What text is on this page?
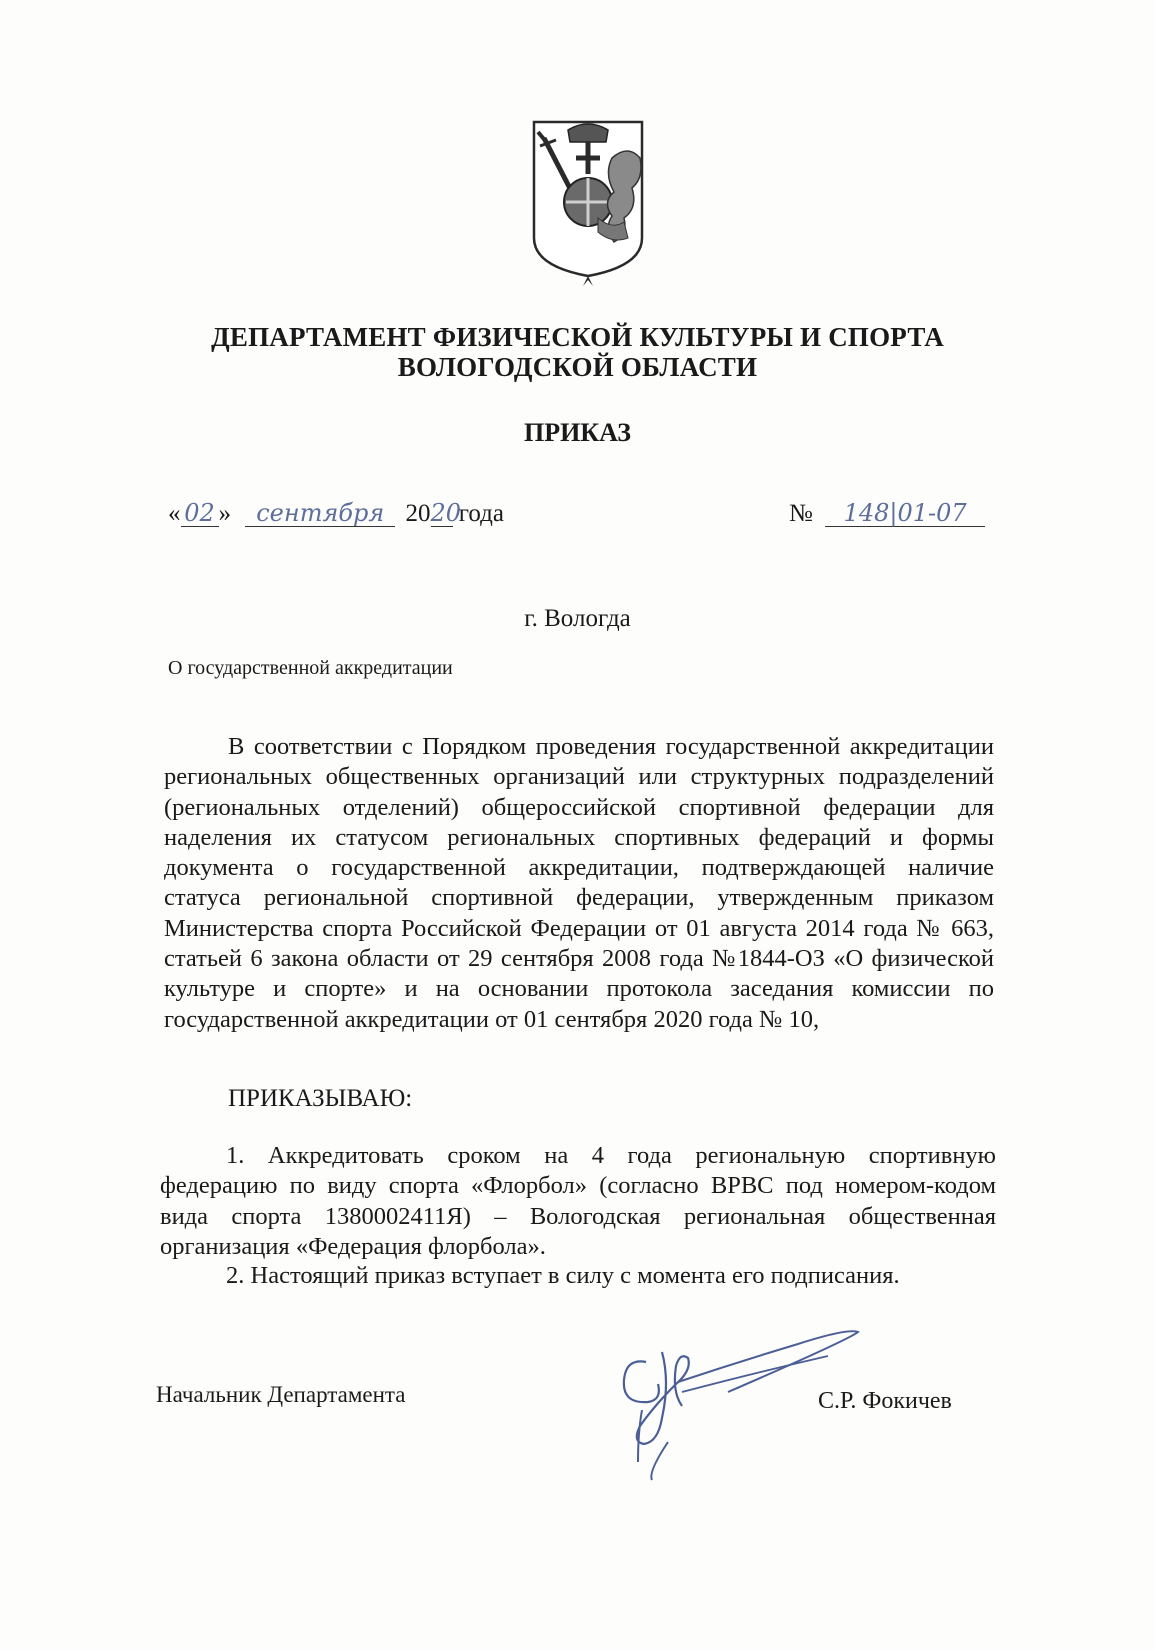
ДЕПАРТАМЕНТ ФИЗИЧЕСКОЙ КУЛЬТУРЫ И СПОРТА
ВОЛОГОДСКОЙ ОБЛАСТИ
ПРИКАЗ
« 02 » сентября 2020 года	№ 148|01-07
г. Вологда
О государственной аккредитации

В соответствии с Порядком проведения государственной аккредитации региональных общественных организаций или структурных подразделений (региональных отделений) общероссийской спортивной федерации для наделения их статусом региональных спортивных федераций и формы документа о государственной аккредитации, подтверждающей наличие статуса региональной спортивной федерации, утвержденным приказом Министерства спорта Российской Федерации от 01 августа 2014 года № 663, статьей 6 закона области от 29 сентября 2008 года №1844-ОЗ «О физической культуре и спорте» и на основании протокола заседания комиссии по государственной аккредитации от 01 сентября 2020 года № 10,

ПРИКАЗЫВАЮ:

1. Аккредитовать сроком на 4 года региональную спортивную федерацию по виду спорта «Флорбол» (согласно ВРВС под номером-кодом вида спорта 1380002411Я) – Вологодская региональная общественная организация «Федерация флорбола».

2. Настоящий приказ вступает в силу с момента его подписания.
Начальник Департамента	С.Р. Фокичев
